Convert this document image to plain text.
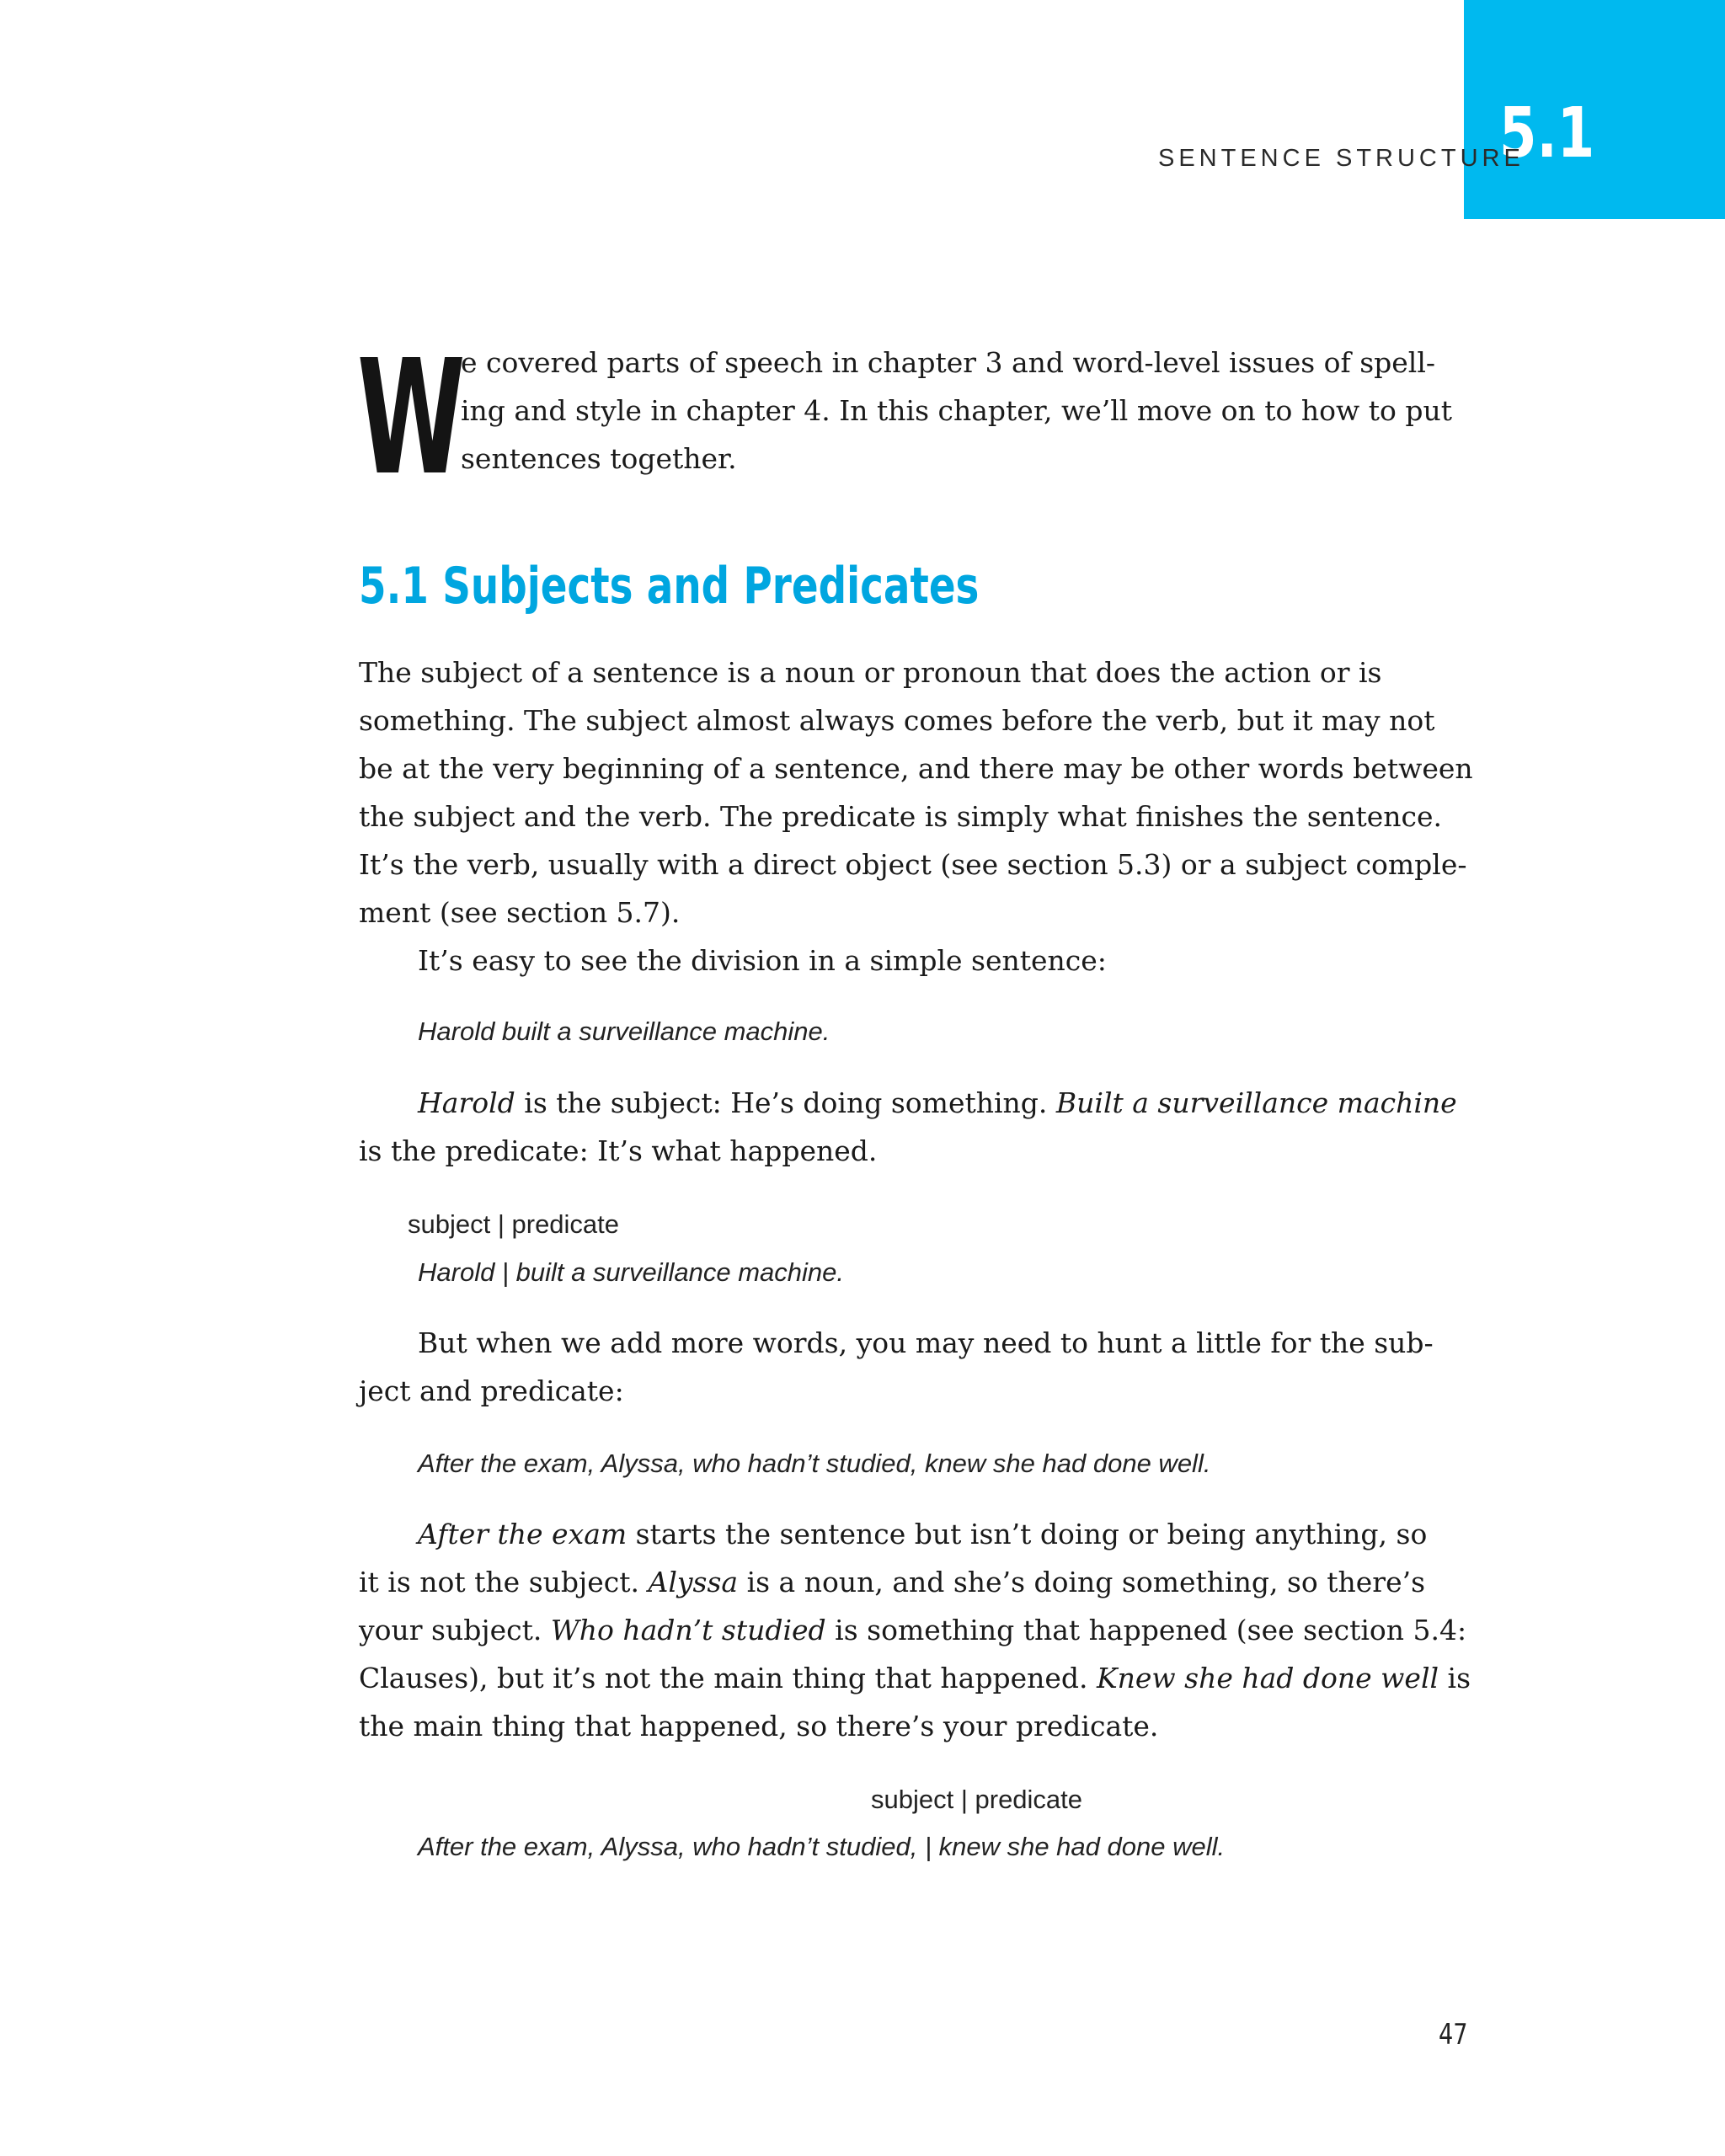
5.1

SENTENCE STRUCTURE

W

e covered parts of speech in chapter 3 and word-level issues of spell-
ing and style in chapter 4. In this chapter, we’ll move on to how to put
sentences together.

5.1 Subjects and Predicates

The subject of a sentence is a noun or pronoun that does the action or is
something. The subject almost always comes before the verb, but it may not
be at the very beginning of a sentence, and there may be other words between
the subject and the verb. The predicate is simply what finishes the sentence.
It’s the verb, usually with a direct object (see section 5.3) or a subject comple-
ment (see section 5.7).
It’s easy to see the division in a simple sentence:

Harold built a surveillance machine.

Harold is the subject: He’s doing something. Built a surveillance machine
is the predicate: It’s what happened.

subject | predicate

Harold | built a surveillance machine.

But when we add more words, you may need to hunt a little for the sub-
ject and predicate:

After the exam, Alyssa, who hadn’t studied, knew she had done well.

After the exam starts the sentence but isn’t doing or being anything, so
it is not the subject. Alyssa is a noun, and she’s doing something, so there’s
your subject. Who hadn’t studied is something that happened (see section 5.4:
Clauses), but it’s not the main thing that happened. Knew she had done well is
the main thing that happened, so there’s your predicate.

subject | predicate

After the exam, Alyssa, who hadn’t studied, | knew she had done well.

47
